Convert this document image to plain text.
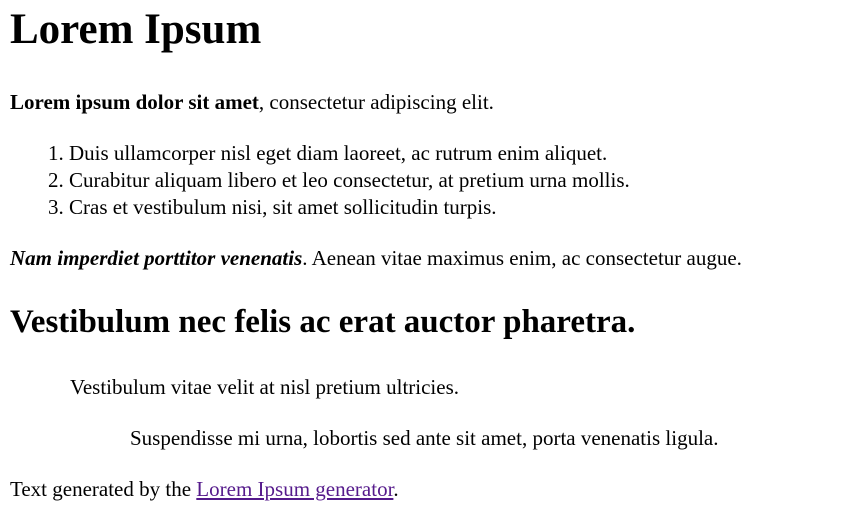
Lorem Ipsum

Lorem ipsum dolor sit amet, consectetur adipiscing elit.

1. Duis ullamcorper nisl eget diam laoreet, ac rutrum enim aliquet.
2. Curabitur aliquam libero et leo consectetur, at pretium urna mollis.
3. Cras et vestibulum nisi, sit amet sollicitudin turpis.

Nam imperdiet porttitor venenatis. Aenean vitae maximus enim, ac consectetur augue.

Vestibulum nec felis ac erat auctor pharetra.

Vestibulum vitae velit at nisl pretium ultricies.

Suspendisse mi urna, lobortis sed ante sit amet, porta venenatis ligula.

Text generated by the Lorem Ipsum generator.
